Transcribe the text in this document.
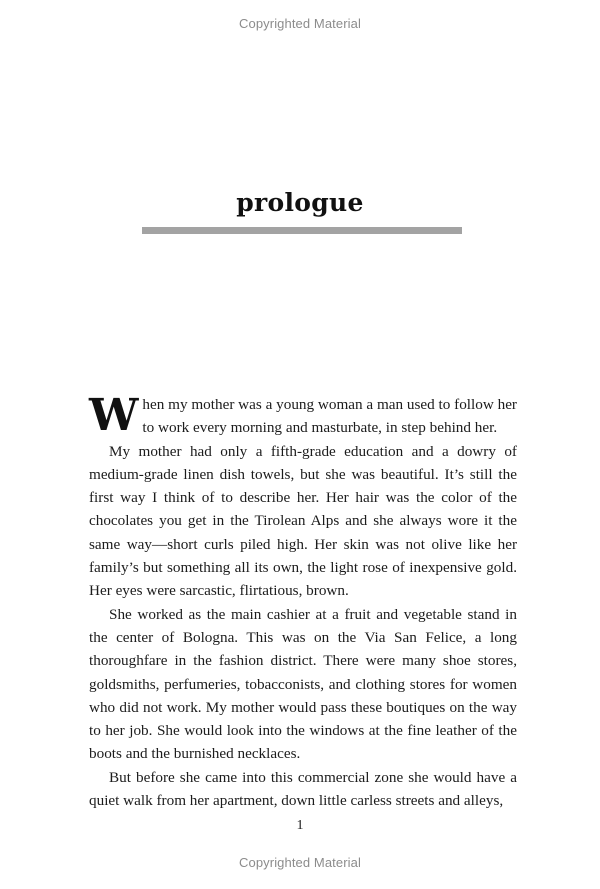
Copyrighted Material
prologue

When my mother was a young woman a man used to follow her to work every morning and masturbate, in step behind her.

My mother had only a fifth-grade education and a dowry of medium-grade linen dish towels, but she was beautiful. It’s still the first way I think of to describe her. Her hair was the color of the chocolates you get in the Tirolean Alps and she always wore it the same way—short curls piled high. Her skin was not olive like her family’s but something all its own, the light rose of inexpensive gold. Her eyes were sarcastic, flirtatious, brown.

She worked as the main cashier at a fruit and vegetable stand in the center of Bologna. This was on the Via San Felice, a long thoroughfare in the fashion district. There were many shoe stores, goldsmiths, perfumeries, tobacconists, and clothing stores for women who did not work. My mother would pass these boutiques on the way to her job. She would look into the windows at the fine leather of the boots and the burnished necklaces.

But before she came into this commercial zone she would have a quiet walk from her apartment, down little carless streets and alleys,

1
Copyrighted Material
